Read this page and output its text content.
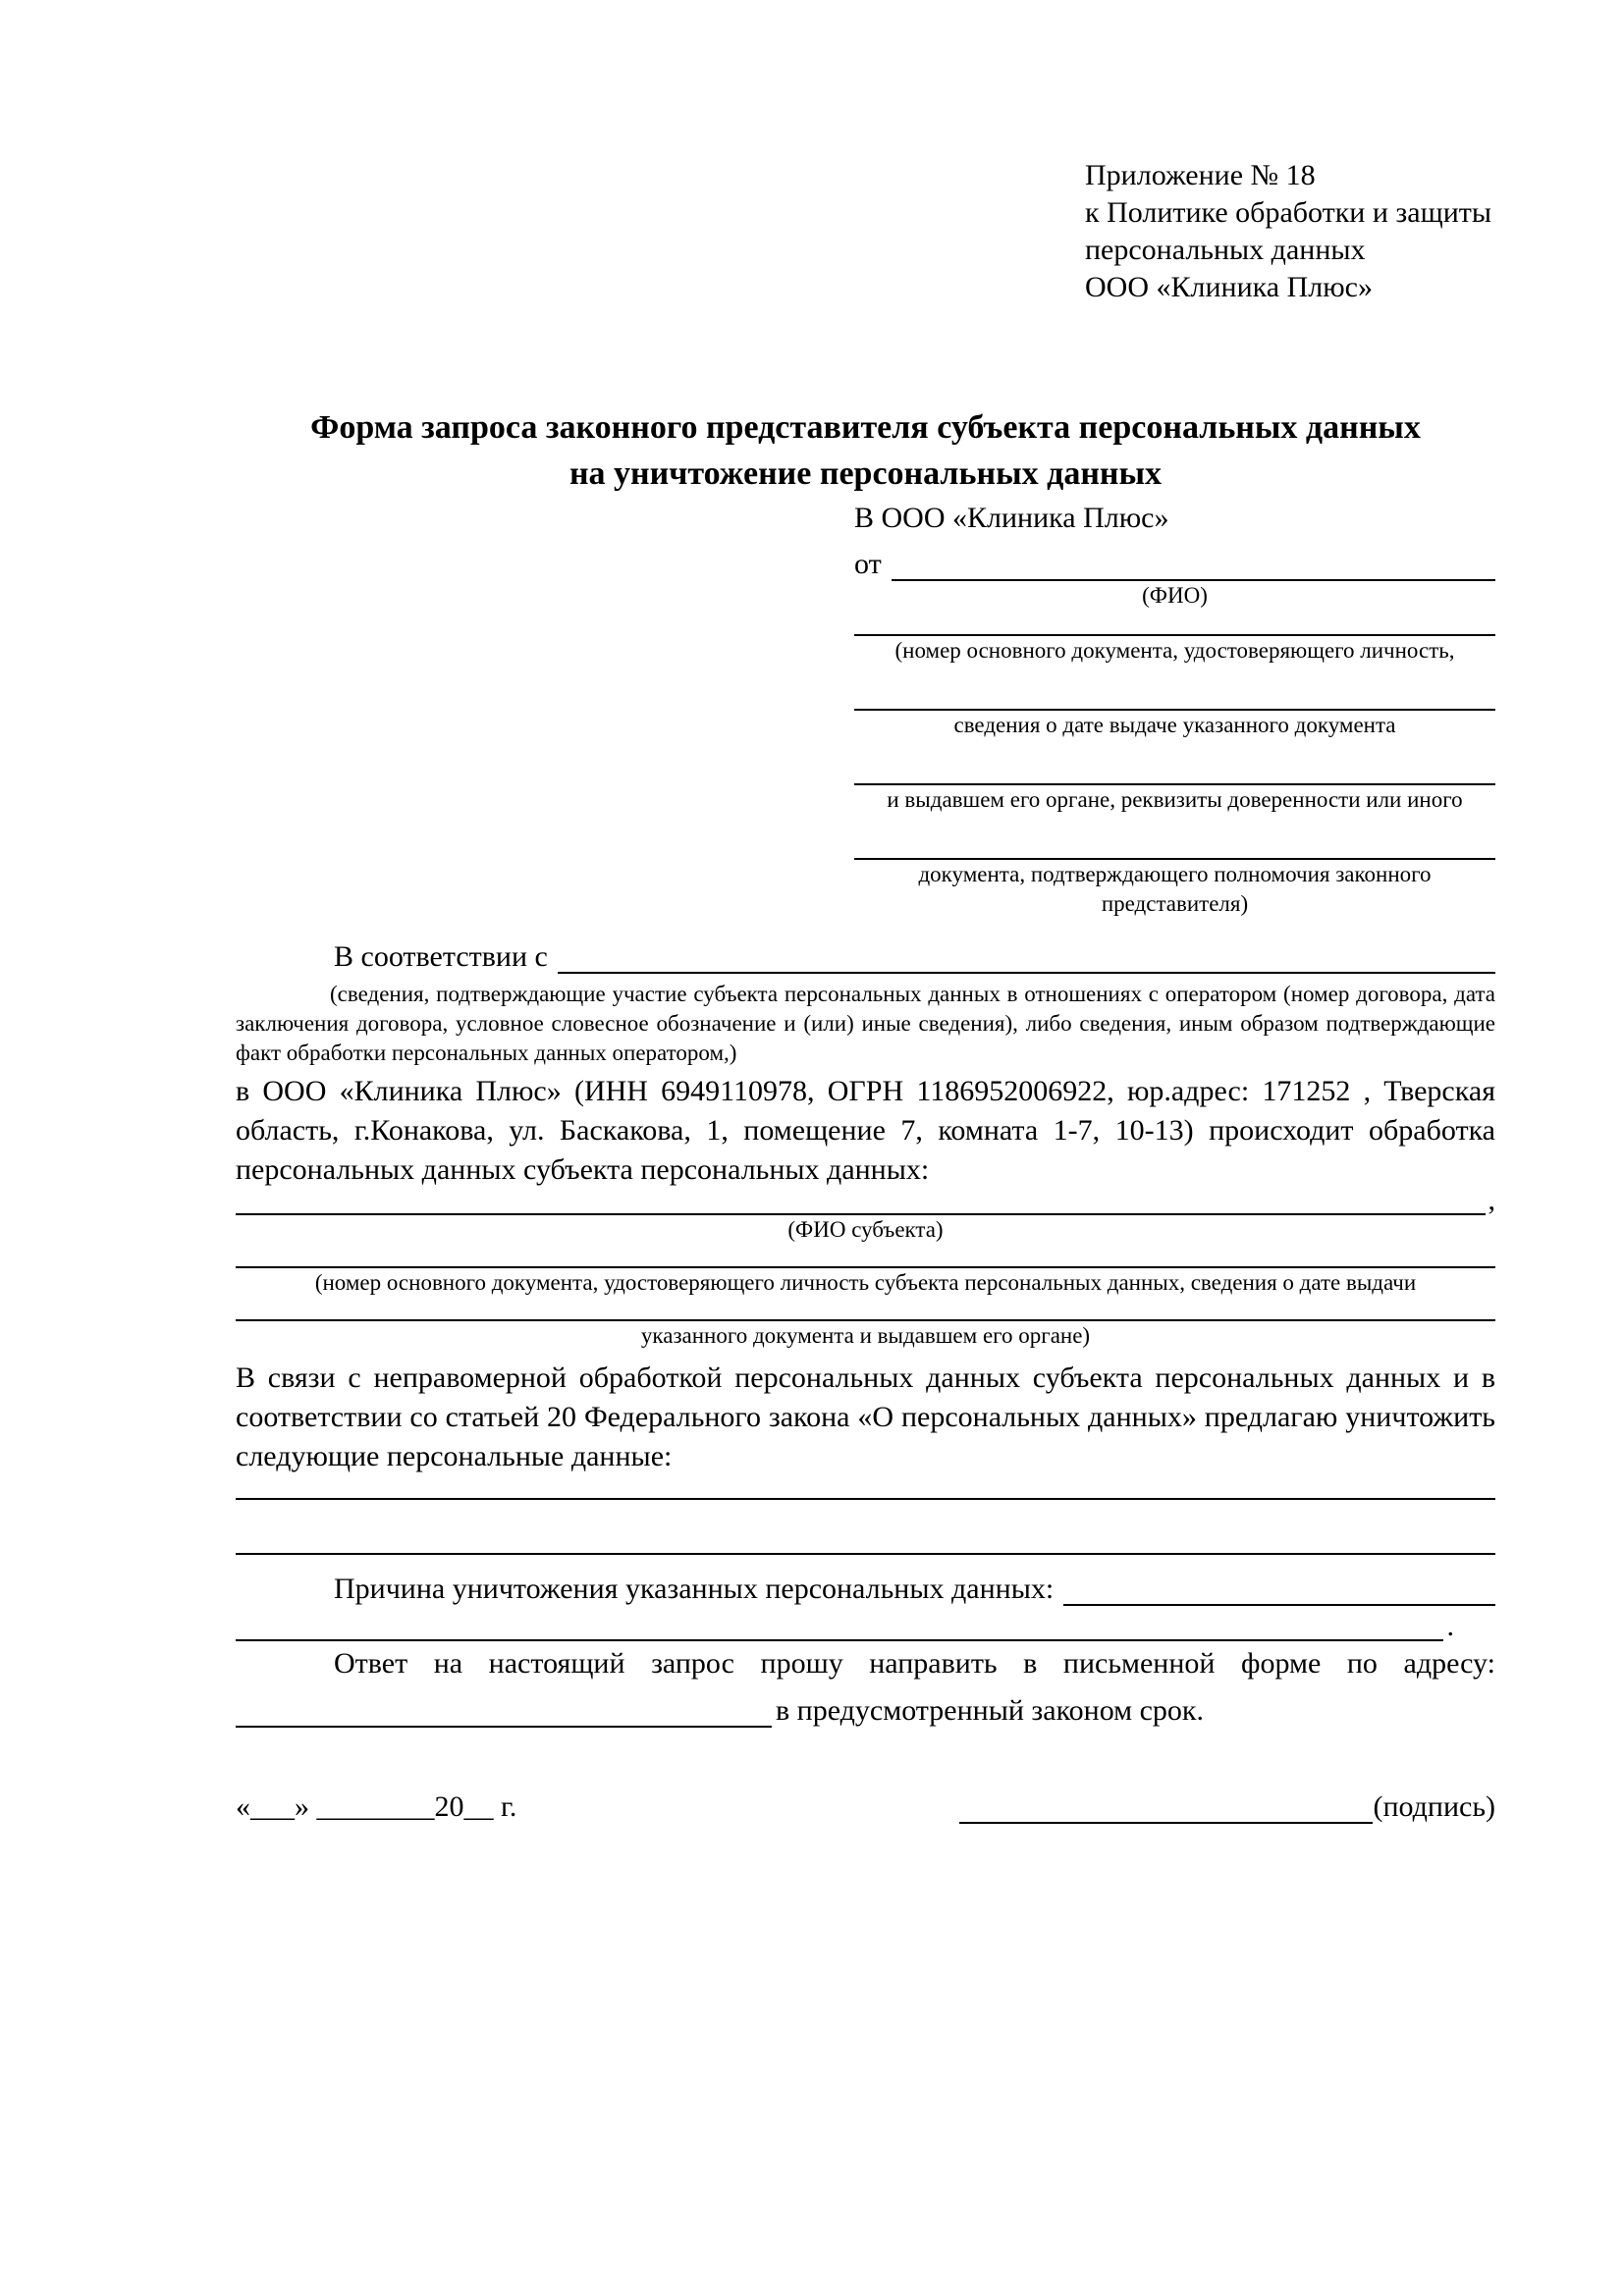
Приложение № 18
к Политике обработки и защиты
персональных данных
ООО «Клиника Плюс»
Форма запроса законного представителя субъекта персональных данных
на уничтожение персональных данных
В ООО «Клиника Плюс»
от
(ФИО)
(номер основного документа, удостоверяющего личность,
сведения о дате выдаче указанного документа
и выдавшем его органе, реквизиты доверенности или иного
документа, подтверждающего полномочия законного представителя)
В соответствии с
(сведения, подтверждающие участие субъекта персональных данных в отношениях с оператором (номер договора, дата заключения договора, условное словесное обозначение и (или) иные сведения), либо сведения, иным образом подтверждающие факт обработки персональных данных оператором,)
в ООО «Клиника Плюс» (ИНН 6949110978, ОГРН 1186952006922, юр.адрес: 171252 , Тверская область, г.Конакова, ул. Баскакова, 1, помещение 7, комната 1-7, 10-13) происходит обработка персональных данных субъекта персональных данных:
,
(ФИО субъекта)
(номер основного документа, удостоверяющего личность субъекта персональных данных, сведения о дате выдачи
указанного документа и выдавшем его органе)
В связи с неправомерной обработкой персональных данных субъекта персональных данных и в соответствии со статьей 20 Федерального закона «О персональных данных» предлагаю уничтожить следующие персональные данные:
Причина уничтожения указанных персональных данных:
.
Ответ на настоящий запрос прошу направить в письменной форме по адресу:
в предусмотренный законом срок.
«___» ________20__ г.	(подпись)
